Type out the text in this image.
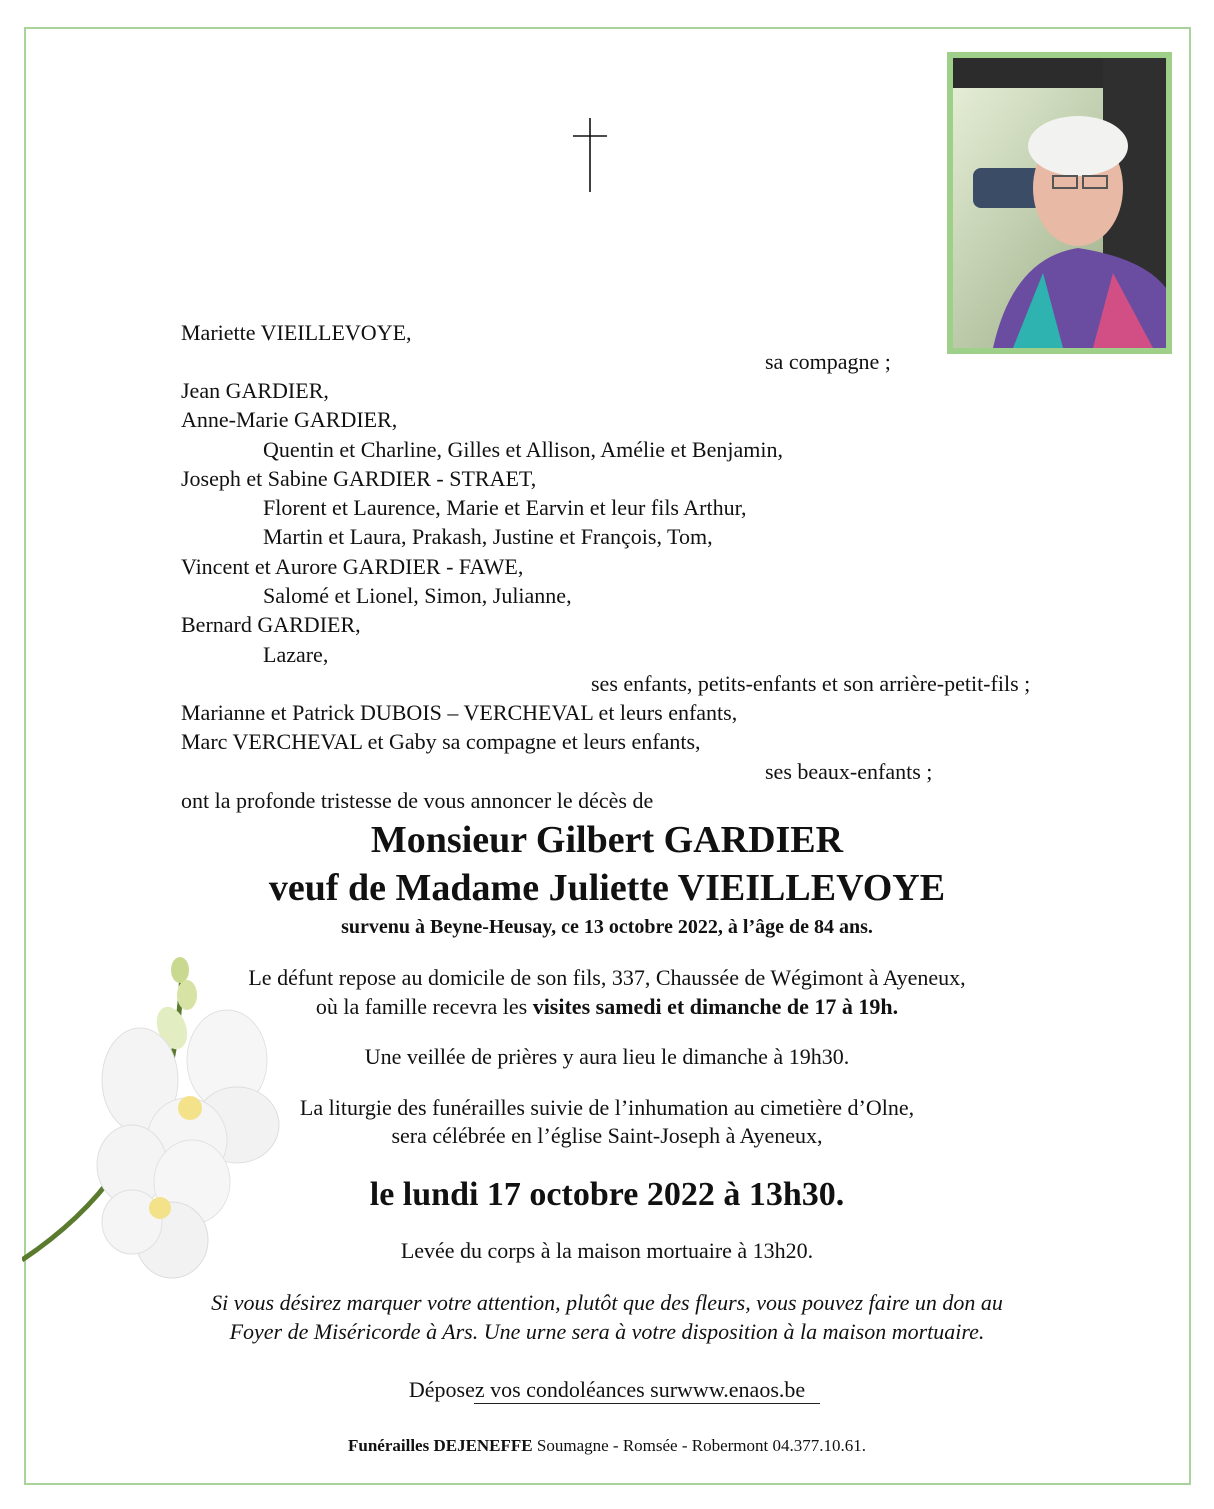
Mariette VIEILLEVOYE,
sa compagne ;
Jean GARDIER,
Anne-Marie GARDIER,
Quentin et Charline, Gilles et Allison, Amélie et Benjamin,
Joseph et Sabine GARDIER - STRAET,
Florent et Laurence, Marie et Earvin et leur fils Arthur,
Martin et Laura, Prakash, Justine et François, Tom,
Vincent et Aurore GARDIER - FAWE,
Salomé et Lionel, Simon, Julianne,
Bernard GARDIER,
Lazare,
ses enfants, petits-enfants et son arrière-petit-fils ;
Marianne et Patrick DUBOIS – VERCHEVAL et leurs enfants,
Marc VERCHEVAL et Gaby sa compagne et leurs enfants,
ses beaux-enfants ;
ont la profonde tristesse de vous annoncer le décès de
Monsieur Gilbert GARDIER
veuf de Madame Juliette VIEILLEVOYE
survenu à Beyne-Heusay, ce 13 octobre 2022, à l’âge de 84 ans.
Le défunt repose au domicile de son fils, 337, Chaussée de Wégimont à Ayeneux,
où la famille recevra les visites samedi et dimanche de 17 à 19h.
Une veillée de prières y aura lieu le dimanche à 19h30.
La liturgie des funérailles suivie de l’inhumation au cimetière d’Olne,
sera célébrée en l’église Saint-Joseph à Ayeneux,
le lundi 17 octobre 2022 à 13h30.
Levée du corps à la maison mortuaire à 13h20.
Si vous désirez marquer votre attention, plutôt que des fleurs, vous pouvez faire un don au
Foyer de Miséricorde à Ars. Une urne sera à votre disposition à la maison mortuaire.
Déposez vos condoléances surwww.enaos.be
Funérailles DEJENEFFE Soumagne - Romsée - Robermont 04.377.10.61.
